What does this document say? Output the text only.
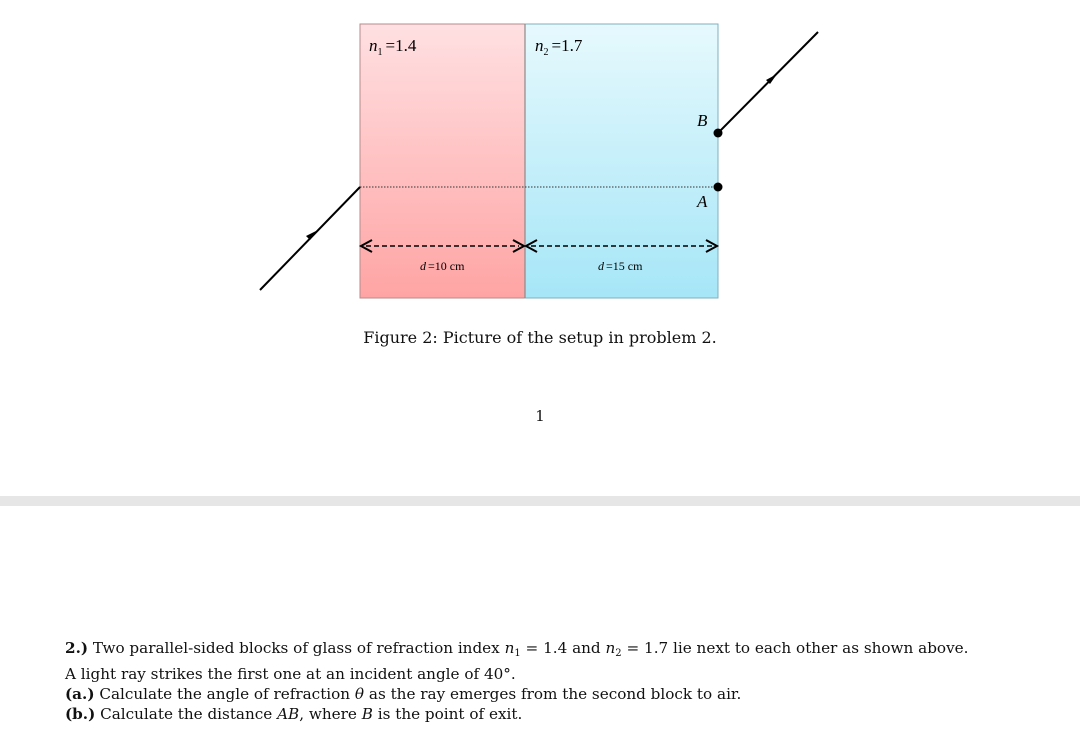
$n_1 =1.4$	$n_2 =1.7$
B
A
d =10 cm	d =15 cm
Figure 2: Picture of the setup in problem 2.
1

2.) Two parallel-sided blocks of glass of refraction index $n_1 = 1.4$ and $n_2 = 1.7$ lie next to each other as shown above.

A light ray strikes the first one at an incident angle of 40°.

(a.) Calculate the angle of refraction θ as the ray emerges from the second block to air.

(b.) Calculate the distance AB, where B is the point of exit.
